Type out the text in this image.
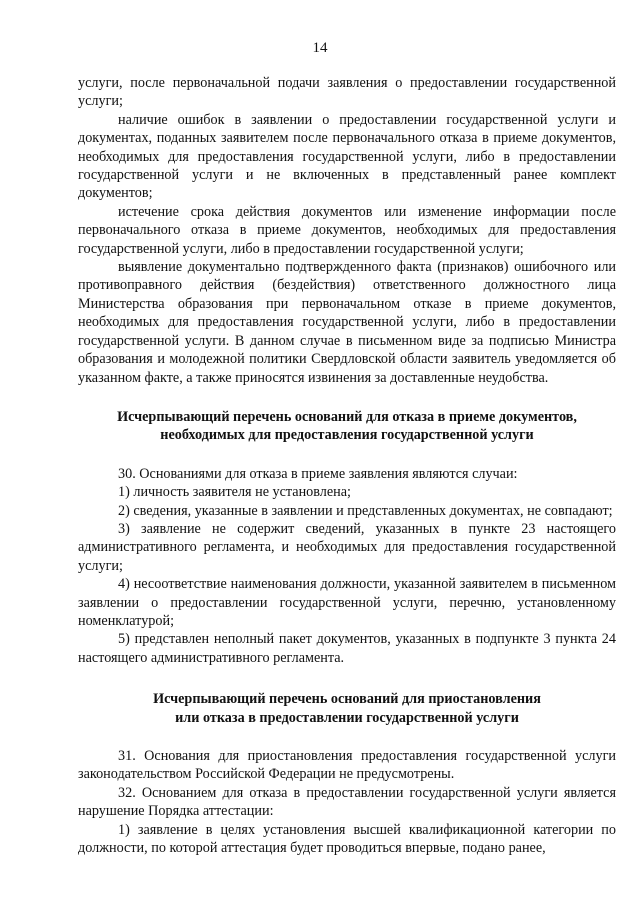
14

услуги, после первоначальной подачи заявления о предоставлении государственной услуги;

наличие ошибок в заявлении о предоставлении государственной услуги и документах, поданных заявителем после первоначального отказа в приеме документов, необходимых для предоставления государственной услуги, либо в предоставлении государственной услуги и не включенных в представленный ранее комплект документов;

истечение срока действия документов или изменение информации после первоначального отказа в приеме документов, необходимых для предоставления государственной услуги, либо в предоставлении государственной услуги;

выявление документально подтвержденного факта (признаков) ошибочного или противоправного действия (бездействия) ответственного должностного лица Министерства образования при первоначальном отказе в приеме документов, необходимых для предоставления государственной услуги, либо в предоставлении государственной услуги. В данном случае в письменном виде за подписью Министра образования и молодежной политики Свердловской области заявитель уведомляется об указанном факте, а также приносятся извинения за доставленные неудобства.

Исчерпывающий перечень оснований для отказа в приеме документов,

необходимых для предоставления государственной услуги

30. Основаниями для отказа в приеме заявления являются случаи:

1) личность заявителя не установлена;

2) сведения, указанные в заявлении и представленных документах, не совпадают;

3) заявление не содержит сведений, указанных в пункте 23 настоящего административного регламента, и необходимых для предоставления государственной услуги;

4) несоответствие наименования должности, указанной заявителем в письменном заявлении о предоставлении государственной услуги, перечню, установленному номенклатурой;

5) представлен неполный пакет документов, указанных в подпункте 3 пункта 24 настоящего административного регламента.

Исчерпывающий перечень оснований для приостановления

или отказа в предоставлении государственной услуги

31. Основания для приостановления предоставления государственной услуги законодательством Российской Федерации не предусмотрены.

32. Основанием для отказа в предоставлении государственной услуги является нарушение Порядка аттестации:

1) заявление в целях установления высшей квалификационной категории по должности, по которой аттестация будет проводиться впервые, подано ранее,
